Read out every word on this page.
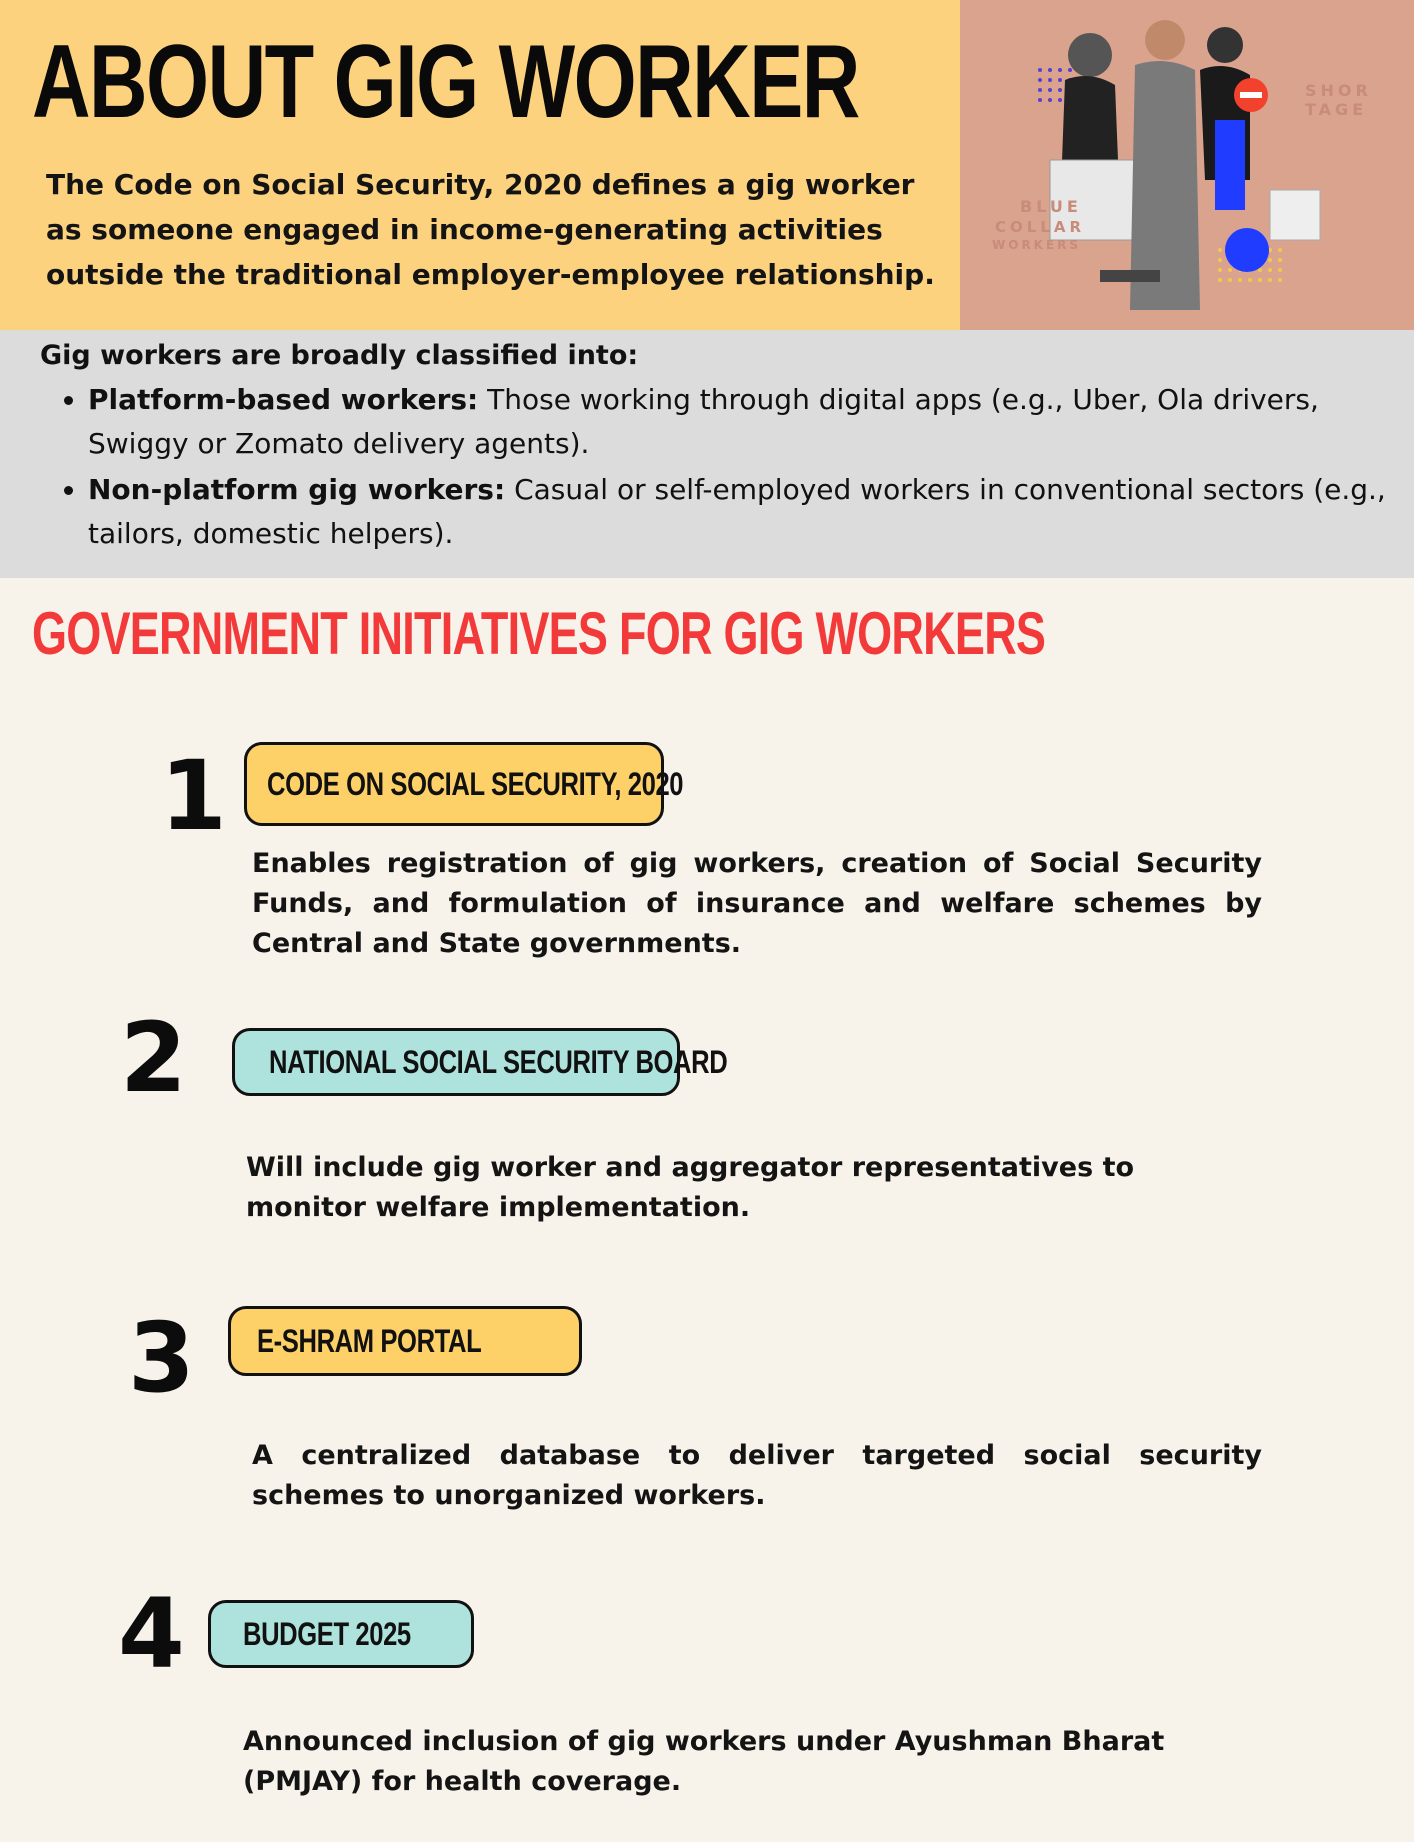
ABOUT GIG WORKER

The Code on Social Security, 2020 defines a gig worker as someone engaged in income-generating activities outside the traditional employer-employee relationship.

BLUE
COLLAR
WORKERS
SHOR
TAGE

Gig workers are broadly classified into:

• Platform-based workers: Those working through digital apps (e.g., Uber, Ola drivers, Swiggy or Zomato delivery agents).
• Non-platform gig workers: Casual or self-employed workers in conventional sectors (e.g., tailors, domestic helpers).
GOVERNMENT INITIATIVES FOR GIG WORKERS
1 CODE ON SOCIAL SECURITY, 2020

Enables registration of gig workers, creation of Social Security Funds, and formulation of insurance and welfare schemes by Central and State governments.

2	NATIONAL SOCIAL SECURITY BOARD

Will include gig worker and aggregator representatives to monitor welfare implementation.

3 E-SHRAM PORTAL

A centralized database to deliver targeted social security schemes to unorganized workers.

4 BUDGET 2025

Announced inclusion of gig workers under Ayushman Bharat (PMJAY) for health coverage.
